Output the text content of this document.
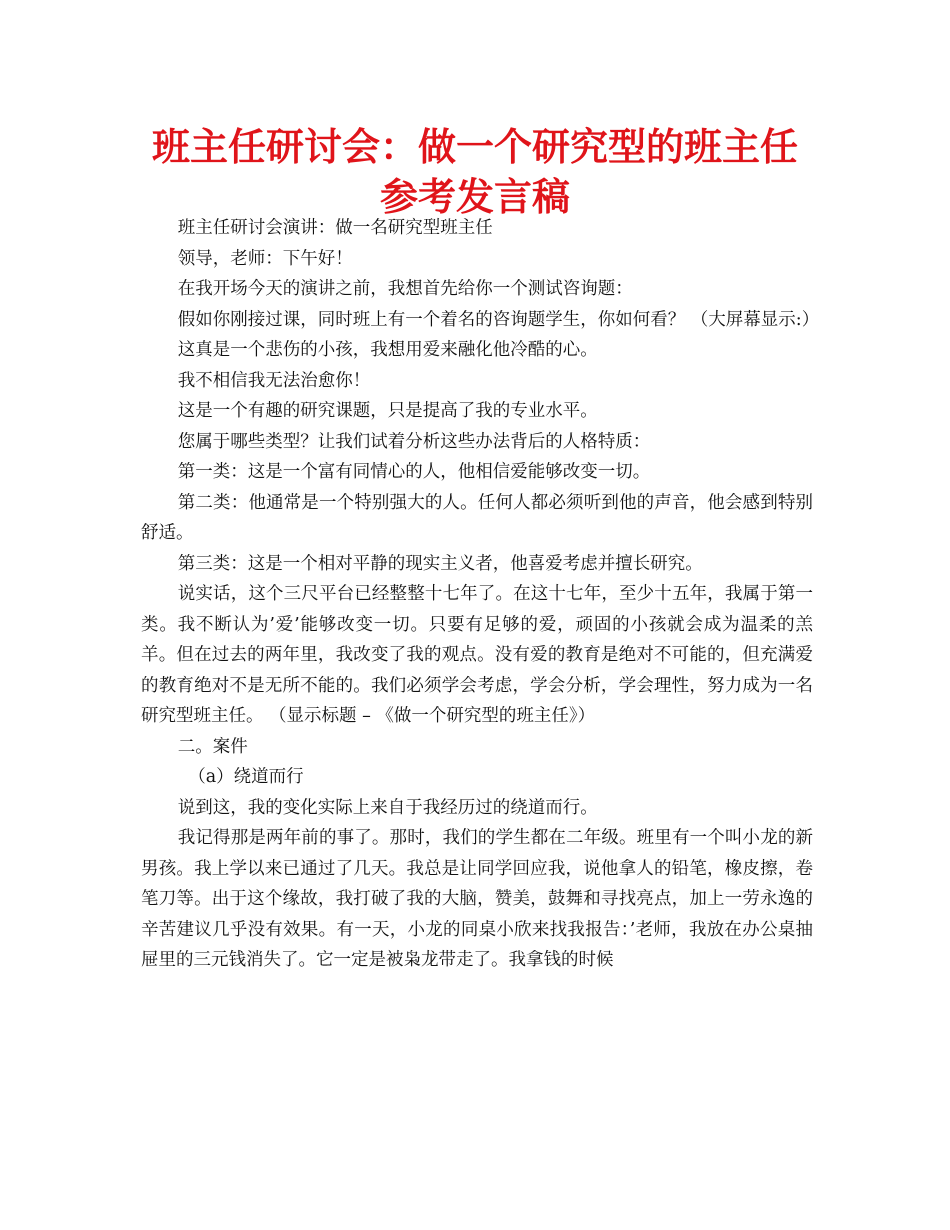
班主任研讨会：做一个研究型的班主任参考发言稿

班主任研讨会演讲：做一名研究型班主任

领导，老师：下午好！

在我开场今天的演讲之前，我想首先给你一个测试咨询题：

假如你刚接过课，同时班上有一个着名的咨询题学生，你如何看？ （大屏幕显示:）

这真是一个悲伤的小孩，我想用爱来融化他冷酷的心。

我不相信我无法治愈你！

这是一个有趣的研究课题，只是提高了我的专业水平。

您属于哪些类型？让我们试着分析这些办法背后的人格特质：

第一类：这是一个富有同情心的人，他相信爱能够改变一切。

第二类：他通常是一个特别强大的人。任何人都必须听到他的声音，他会感到特别舒适。

第三类：这是一个相对平静的现实主义者，他喜爱考虑并擅长研究。

说实话，这个三尺平台已经整整十七年了。在这十七年，至少十五年，我属于第一类。我不断认为’爱’能够改变一切。只要有足够的爱，顽固的小孩就会成为温柔的羔羊。但在过去的两年里，我改变了我的观点。没有爱的教育是绝对不可能的，但充满爱的教育绝对不是无所不能的。我们必须学会考虑，学会分析，学会理性，努力成为一名研究型班主任。 （显示标题 – 《做一个研究型的班主任》）

二。案件

（a）绕道而行

说到这，我的变化实际上来自于我经历过的绕道而行。

我记得那是两年前的事了。那时，我们的学生都在二年级。班里有一个叫小龙的新男孩。我上学以来已通过了几天。我总是让同学回应我，说他拿人的铅笔，橡皮擦，卷笔刀等。出于这个缘故，我打破了我的大脑，赞美，鼓舞和寻找亮点，加上一劳永逸的辛苦建议几乎没有效果。有一天，小龙的同桌小欣来找我报告：’老师，我放在办公桌抽屉里的三元钱消失了。它一定是被枭龙带走了。我拿钱的时候
